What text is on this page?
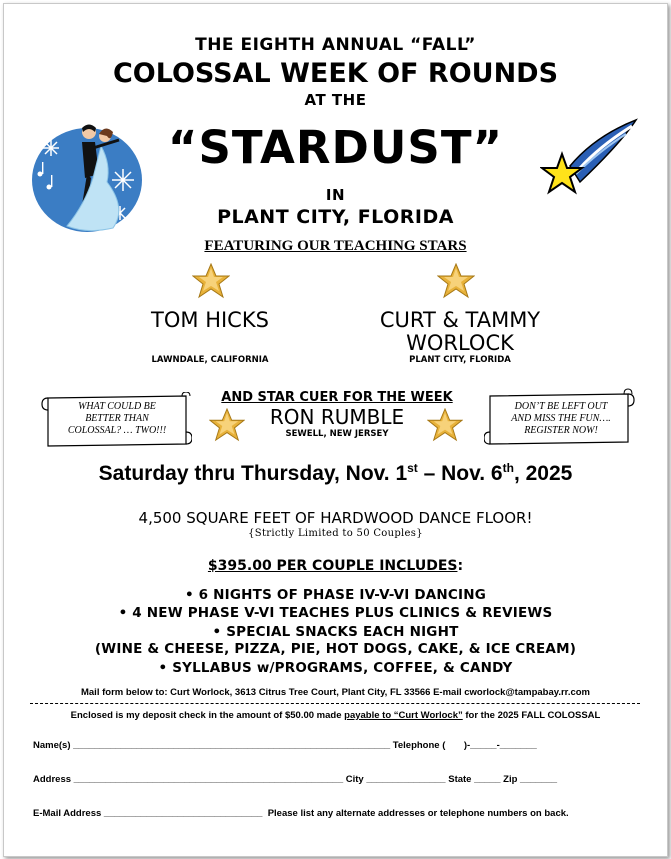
THE EIGHTH ANNUAL “FALL”
COLOSSAL WEEK OF ROUNDS
AT THE
“STARDUST”
IN
PLANT CITY, FLORIDA
FEATURING OUR TEACHING STARS
TOM HICKS
LAWNDALE, CALIFORNIA
CURT & TAMMY
WORLOCK
PLANT CITY, FLORIDA
WHAT COULD BE
BETTER THAN
COLOSSAL? … TWO!!!
DON’T BE LEFT OUT
AND MISS THE FUN….
REGISTER NOW!
AND STAR CUER FOR THE WEEK
RON RUMBLE
SEWELL, NEW JERSEY
Saturday thru Thursday, Nov. 1st – Nov. 6th, 2025
4,500 SQUARE FEET OF HARDWOOD DANCE FLOOR!
{Strictly Limited to 50 Couples}
$395.00 PER COUPLE INCLUDES:
• 6 NIGHTS OF PHASE IV-V-VI DANCING
• 4 NEW PHASE V-VI TEACHES PLUS CLINICS & REVIEWS
• SPECIAL SNACKS EACH NIGHT
(WINE & CHEESE, PIZZA, PIE, HOT DOGS, CAKE, & ICE CREAM)
• SYLLABUS w/PROGRAMS, COFFEE, & CANDY
Mail form below to: Curt Worlock, 3613 Citrus Tree Court, Plant City, FL 33566 E-mail cworlock@tampabay.rr.com
Enclosed is my deposit check in the amount of $50.00 made payable to “Curt Worlock” for the 2025 FALL COLOSSAL
Name(s) ____________________________________________________________ Telephone (       )-_____-_______
Address ___________________________________________________ City _______________ State _____ Zip _______
E-Mail Address ______________________________  Please list any alternate addresses or telephone numbers on back.
